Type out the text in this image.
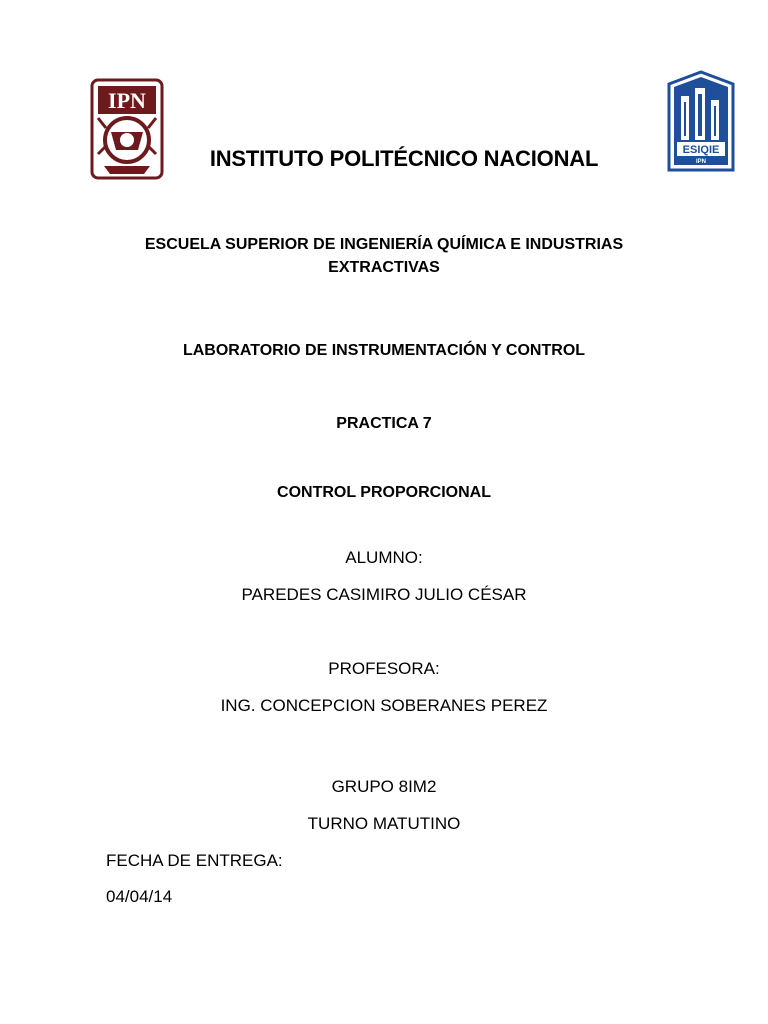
IPN
ESIQIE
IPN
INSTITUTO POLITÉCNICO NACIONAL
ESCUELA SUPERIOR DE INGENIERÍA QUÍMICA E INDUSTRIAS
EXTRACTIVAS
LABORATORIO DE INSTRUMENTACIÓN Y CONTROL
PRACTICA 7
CONTROL PROPORCIONAL
ALUMNO:
PAREDES CASIMIRO JULIO CÉSAR
PROFESORA:
ING. CONCEPCION SOBERANES PEREZ
GRUPO 8IM2
TURNO MATUTINO
FECHA DE ENTREGA:
04/04/14
